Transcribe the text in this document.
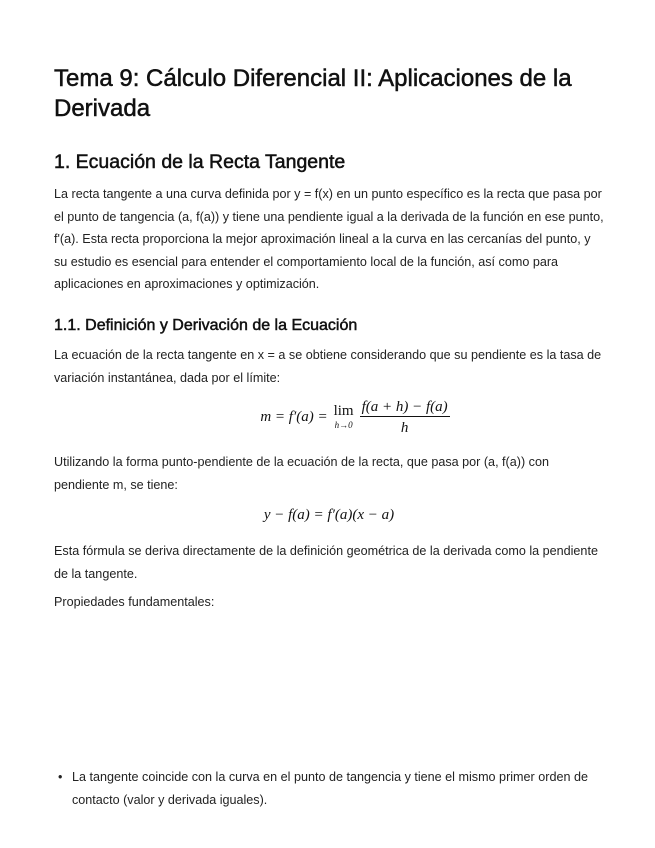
Tema 9: Cálculo Diferencial II: Aplicaciones de la Derivada
1. Ecuación de la Recta Tangente

La recta tangente a una curva definida por y = f(x) en un punto específico es la recta que pasa por el punto de tangencia (a, f(a)) y tiene una pendiente igual a la derivada de la función en ese punto, f'(a). Esta recta proporciona la mejor aproximación lineal a la curva en las cercanías del punto, y su estudio es esencial para entender el comportamiento local de la función, así como para aplicaciones en aproximaciones y optimización.

1.1. Definición y Derivación de la Ecuación

La ecuación de la recta tangente en x = a se obtiene considerando que su pendiente es la tasa de variación instantánea, dada por el límite:

m = f′(a) = lim
$h\to 0 \frac{f(a + h) - f(a)}{h}$

Utilizando la forma punto-pendiente de la ecuación de la recta, que pasa por (a, f(a)) con pendiente m, se tiene:

y − f(a) = f′(a)(x − a)

Esta fórmula se deriva directamente de la definición geométrica de la derivada como la pendiente de la tangente.

Propiedades fundamentales:

• La tangente coincide con la curva en el punto de tangencia y tiene el mismo primer orden de contacto (valor y derivada iguales).
